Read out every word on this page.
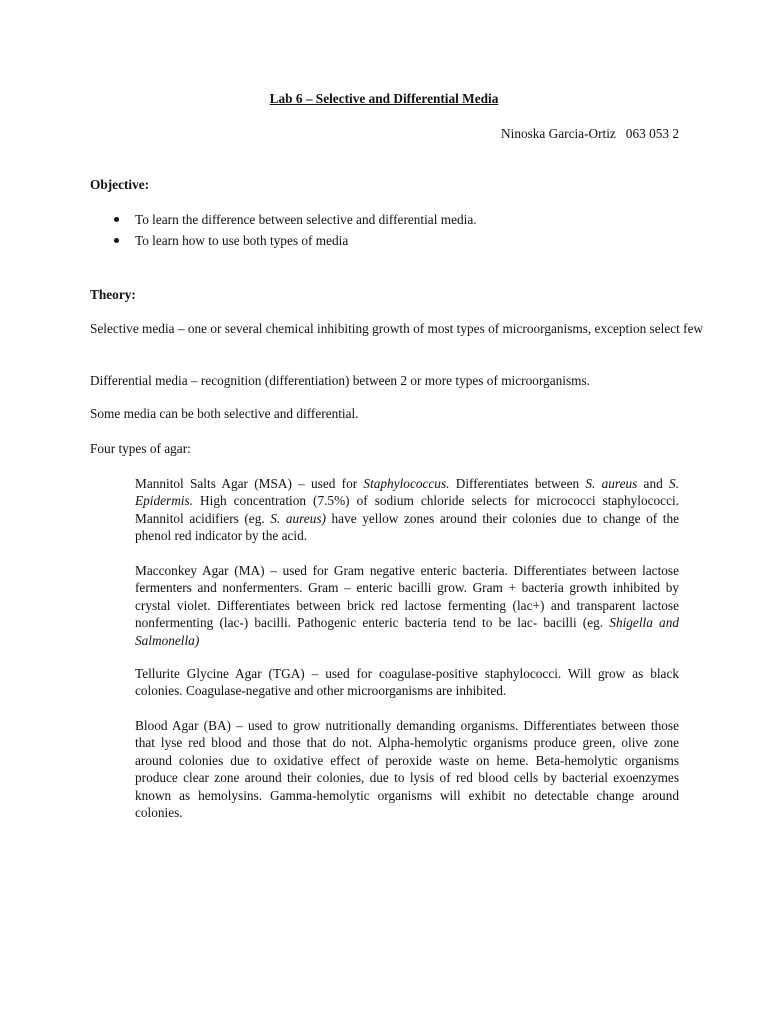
Lab 6 – Selective and Differential Media
Ninoska Garcia-Ortiz   063 053 2
Objective:
To learn the difference between selective and differential media.
To learn how to use both types of media
Theory:
Selective media – one or several chemical inhibiting growth of most types of microorganisms, exception select few
Differential media – recognition (differentiation) between 2 or more types of microorganisms.
Some media can be both selective and differential.
Four types of agar:
Mannitol Salts Agar (MSA) – used for Staphylococcus. Differentiates between S. aureus and S. Epidermis. High concentration (7.5%) of sodium chloride selects for micrococci staphylococci. Mannitol acidifiers (eg. S. aureus) have yellow zones around their colonies due to change of the phenol red indicator by the acid.
Macconkey Agar (MA) – used for Gram negative enteric bacteria. Differentiates between lactose fermenters and nonfermenters. Gram – enteric bacilli grow. Gram + bacteria growth inhibited by crystal violet. Differentiates between brick red lactose fermenting (lac+) and transparent lactose nonfermenting (lac-) bacilli. Pathogenic enteric bacteria tend to be lac- bacilli (eg. Shigella and Salmonella)
Tellurite Glycine Agar (TGA) – used for coagulase-positive staphylococci. Will grow as black colonies. Coagulase-negative and other microorganisms are inhibited.
Blood Agar (BA) – used to grow nutritionally demanding organisms. Differentiates between those that lyse red blood and those that do not. Alpha-hemolytic organisms produce green, olive zone around colonies due to oxidative effect of peroxide waste on heme. Beta-hemolytic organisms produce clear zone around their colonies, due to lysis of red blood cells by bacterial exoenzymes known as hemolysins. Gamma-hemolytic organisms will exhibit no detectable change around colonies.
